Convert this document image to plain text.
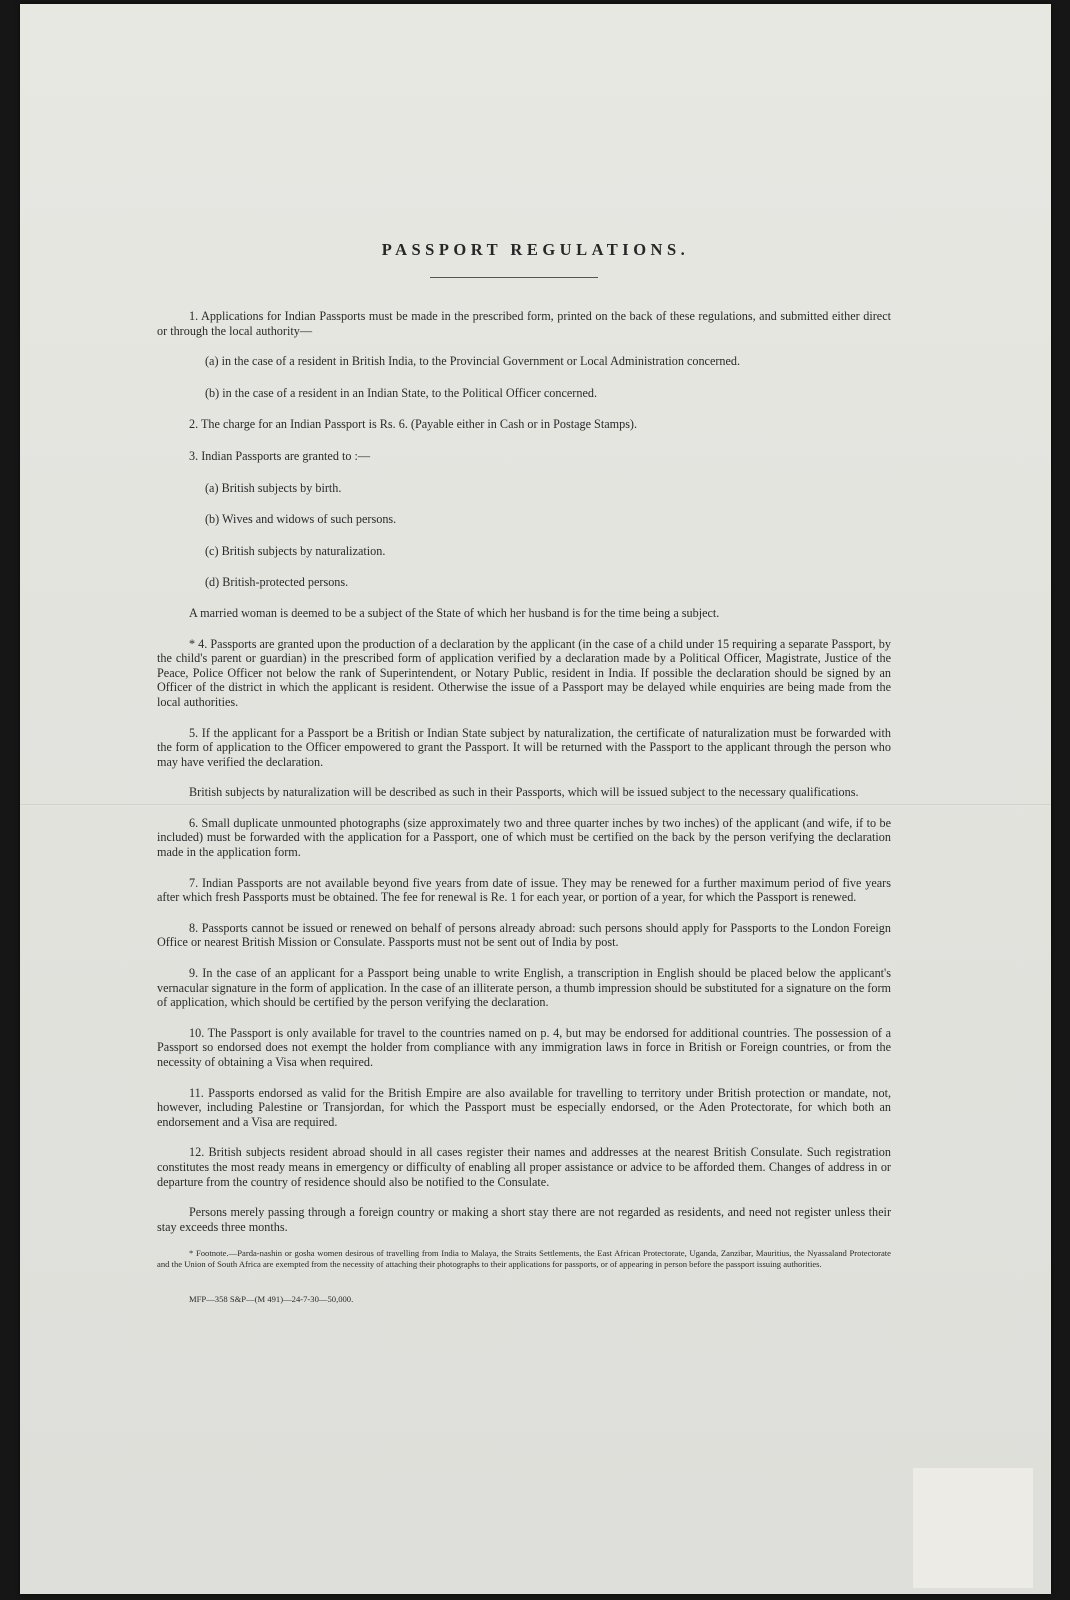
PASSPORT REGULATIONS.

1. Applications for Indian Passports must be made in the prescribed form, printed on the back of these regulations, and submitted either direct or through the local authority—

(a) in the case of a resident in British India, to the Provincial Government or Local Administration concerned.

(b) in the case of a resident in an Indian State, to the Political Officer concerned.

2. The charge for an Indian Passport is Rs. 6. (Payable either in Cash or in Postage Stamps).

3. Indian Passports are granted to :—

(a) British subjects by birth.

(b) Wives and widows of such persons.

(c) British subjects by naturalization.

(d) British-protected persons.

A married woman is deemed to be a subject of the State of which her husband is for the time being a subject.

* 4. Passports are granted upon the production of a declaration by the applicant (in the case of a child under 15 requiring a separate Passport, by the child's parent or guardian) in the prescribed form of application verified by a declaration made by a Political Officer, Magistrate, Justice of the Peace, Police Officer not below the rank of Superintendent, or Notary Public, resident in India. If possible the declaration should be signed by an Officer of the district in which the applicant is resident. Otherwise the issue of a Passport may be delayed while enquiries are being made from the local authorities.

5. If the applicant for a Passport be a British or Indian State subject by naturalization, the certificate of naturalization must be forwarded with the form of application to the Officer empowered to grant the Passport. It will be returned with the Passport to the applicant through the person who may have verified the declaration.

British subjects by naturalization will be described as such in their Passports, which will be issued subject to the necessary qualifications.

6. Small duplicate unmounted photographs (size approximately two and three quarter inches by two inches) of the applicant (and wife, if to be included) must be forwarded with the application for a Passport, one of which must be certified on the back by the person verifying the declaration made in the application form.

7. Indian Passports are not available beyond five years from date of issue. They may be renewed for a further maximum period of five years after which fresh Passports must be obtained. The fee for renewal is Re. 1 for each year, or portion of a year, for which the Passport is renewed.

8. Passports cannot be issued or renewed on behalf of persons already abroad: such persons should apply for Passports to the London Foreign Office or nearest British Mission or Consulate. Passports must not be sent out of India by post.

9. In the case of an applicant for a Passport being unable to write English, a transcription in English should be placed below the applicant's vernacular signature in the form of application. In the case of an illiterate person, a thumb impression should be substituted for a signature on the form of application, which should be certified by the person verifying the declaration.

10. The Passport is only available for travel to the countries named on p. 4, but may be endorsed for additional countries. The possession of a Passport so endorsed does not exempt the holder from compliance with any immigration laws in force in British or Foreign countries, or from the necessity of obtaining a Visa when required.

11. Passports endorsed as valid for the British Empire are also available for travelling to territory under British protection or mandate, not, however, including Palestine or Transjordan, for which the Passport must be especially endorsed, or the Aden Protectorate, for which both an endorsement and a Visa are required.

12. British subjects resident abroad should in all cases register their names and addresses at the nearest British Consulate. Such registration constitutes the most ready means in emergency or difficulty of enabling all proper assistance or advice to be afforded them. Changes of address in or departure from the country of residence should also be notified to the Consulate.

Persons merely passing through a foreign country or making a short stay there are not regarded as residents, and need not register unless their stay exceeds three months.

* Footnote.—Parda-nashin or gosha women desirous of travelling from India to Malaya, the Straits Settlements, the East African Protectorate, Uganda, Zanzibar, Mauritius, the Nyassaland Protectorate and the Union of South Africa are exempted from the necessity of attaching their photographs to their applications for passports, or of appearing in person before the passport issuing authorities.

MFP—358 S&P—(M 491)—24-7-30—50,000.
